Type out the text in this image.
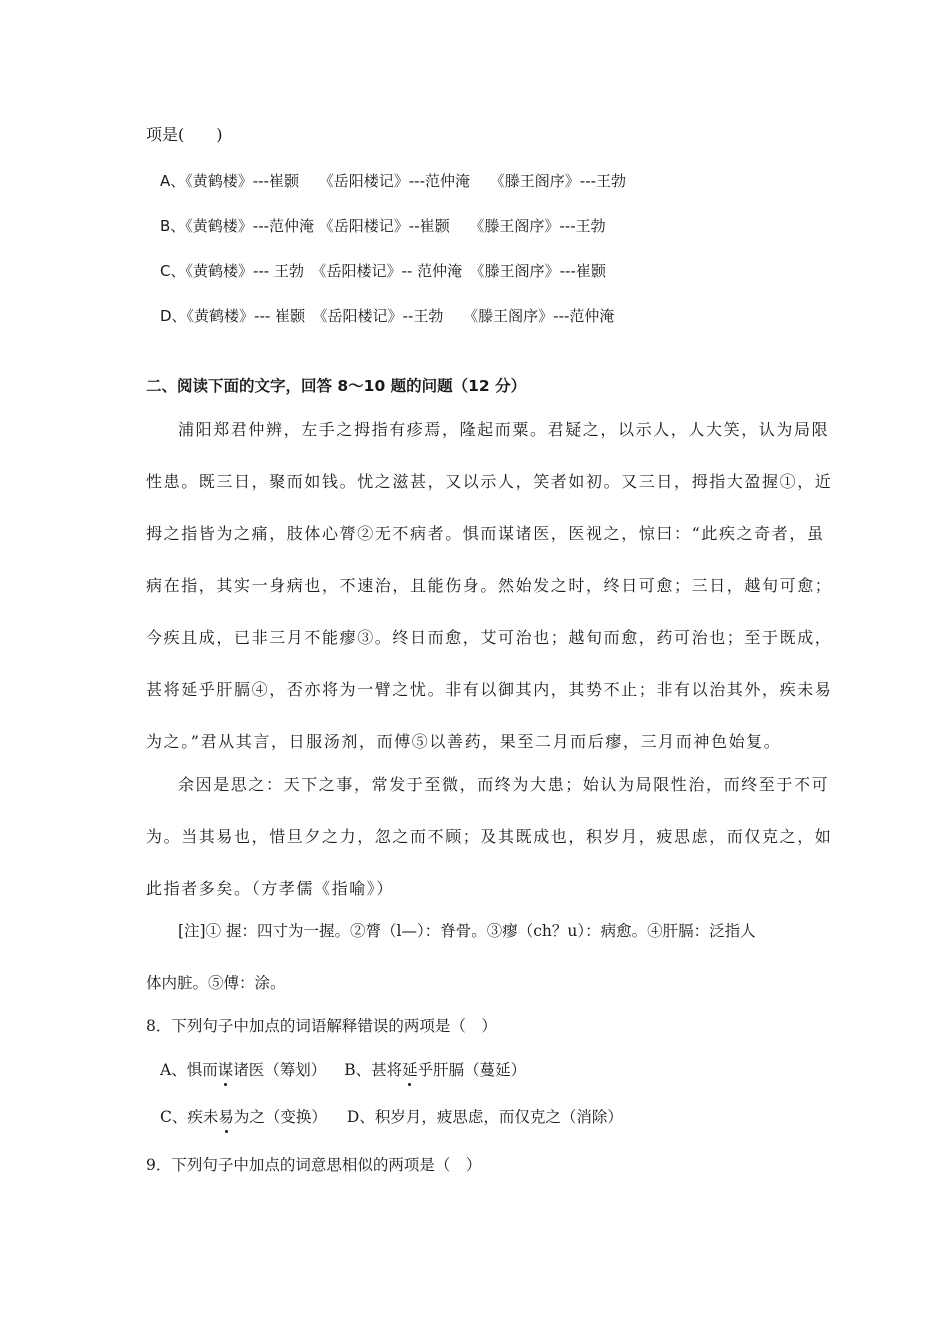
项是(　　)
A、《黄鹤楼》---崔颢　 《岳阳楼记》---范仲淹　 《滕王阁序》---王勃
B、《黄鹤楼》---范仲淹 《岳阳楼记》--崔颢　 《滕王阁序》---王勃
C、《黄鹤楼》--- 王勃　《岳阳楼记》-- 范仲淹　《滕王阁序》---崔颢
D、《黄鹤楼》--- 崔颢　《岳阳楼记》--王勃　 《滕王阁序》---范仲淹
二、阅读下面的文字，回答 8～10 题的问题（12 分）
浦阳郑君仲辨，左手之拇指有疹焉，隆起而粟。君疑之，以示人，人大笑，认为局限
性患。既三日，聚而如钱。忧之滋甚，又以示人，笑者如初。又三日，拇指大盈握①，近
拇之指皆为之痛，肢体心膂②无不病者。惧而谋诸医，医视之，惊曰：“此疾之奇者，虽
病在指，其实一身病也，不速治，且能伤身。然始发之时，终日可愈；三日，越旬可愈；
今疾且成，已非三月不能瘳③。终日而愈，艾可治也；越旬而愈，药可治也；至于既成，
甚将延乎肝膈④，否亦将为一臂之忧。非有以御其内，其势不止；非有以治其外，疾未易
为之。”君从其言，日服汤剂，而傅⑤以善药，果至二月而后瘳，三月而神色始复。
余因是思之：天下之事，常发于至微，而终为大患；始认为局限性治，而终至于不可
为。当其易也，惜旦夕之力，忽之而不顾；及其既成也，积岁月，疲思虑，而仅克之，如
此指者多矣。（方孝儒《指喻》）
[注]① 握：四寸为一握。②膂（l—）：脊骨。③瘳（ch？u）：病愈。④肝膈：泛指人
体内脏。⑤傅：涂。
8．下列句子中加点的词语解释错误的两项是（　）
A、惧而谋诸医（筹划） B、甚将延乎肝膈（蔓延）
C、疾未易为之（变换） D、积岁月，疲思虑，而仅克之（消除）
9．下列句子中加点的词意思相似的两项是（　）
